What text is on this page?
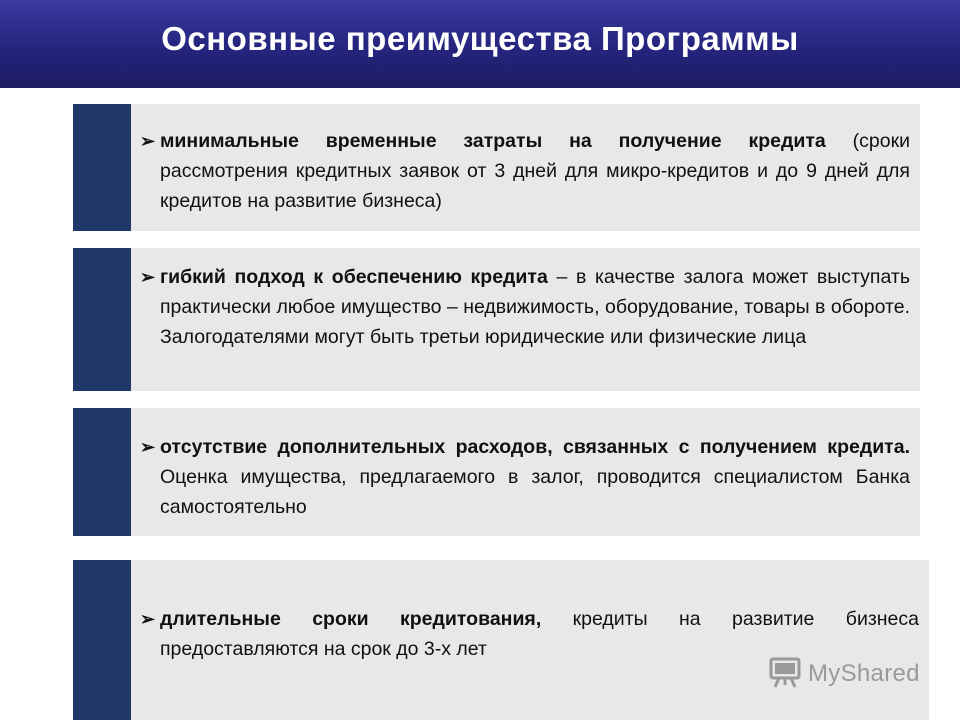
Основные преимущества Программы
➢ минимальные временные затраты на получение кредита (сроки рассмотрения кредитных заявок от 3 дней для микро-кредитов и до 9 дней для кредитов на развитие бизнеса)
➢ гибкий подход к обеспечению кредита – в качестве залога может выступать практически любое имущество – недвижимость, оборудование, товары в обороте. Залогодателями могут быть третьи юридические или физические лица
➢ отсутствие дополнительных расходов, связанных с получением кредита. Оценка имущества, предлагаемого в залог, проводится специалистом Банка самостоятельно
➢ длительные сроки кредитования, кредиты на развитие бизнеса предоставляются на срок до 3-х лет
MyShared
